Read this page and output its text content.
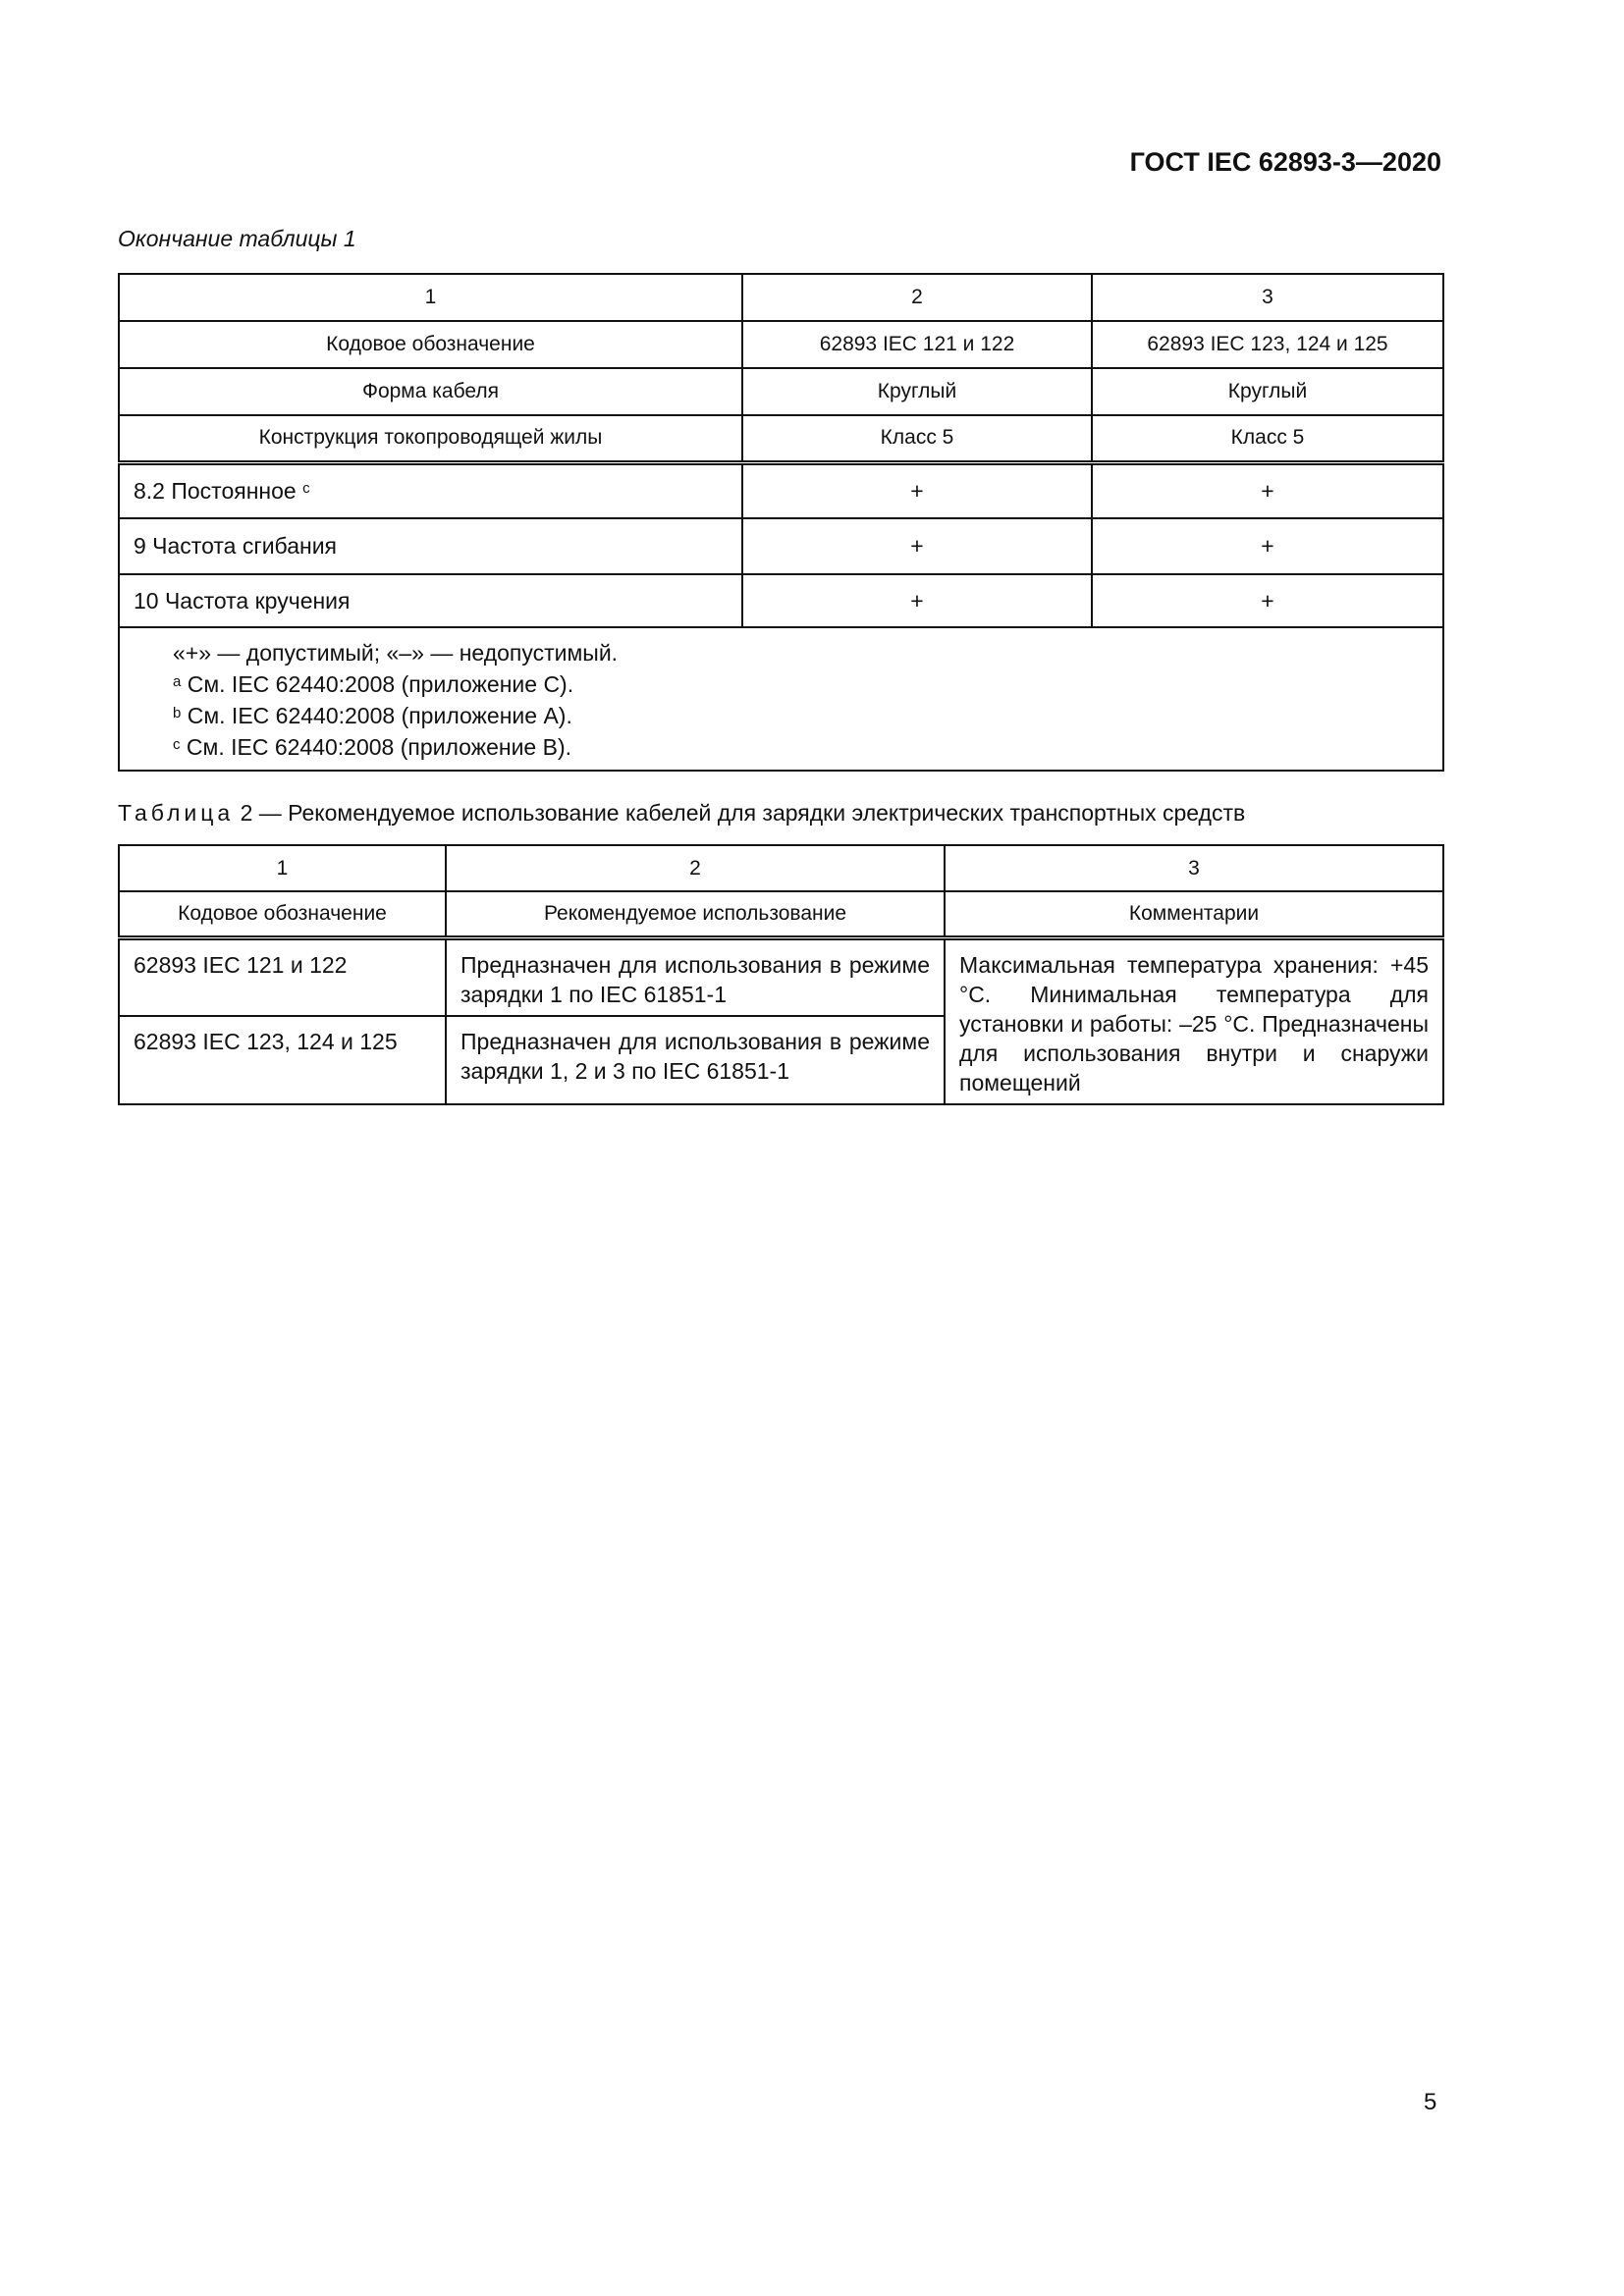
ГОСТ IEC 62893-3—2020
Окончание таблицы 1
1	2	3
Кодовое обозначение	62893 IEC 121 и 122	62893 IEC 123, 124 и 125
Форма кабеля	Круглый	Круглый
Конструкция токопроводящей жилы	Класс 5	Класс 5
8.2 Постоянное $^c$	+	+
9 Частота сгибания	+	+
10 Частота кручения	+	+

«+» — допустимый; «–» — недопустимый.
$^a$ См. IEC 62440:2008 (приложение С).
$^b$ См. IEC 62440:2008 (приложение А).
$^c$ См. IEC 62440:2008 (приложение В).		
Таблица 2 — Рекомендуемое использование кабелей для зарядки электрических транспортных средств
1	2	3
Кодовое обозначение	Рекомендуемое использование	Комментарии
62893 IEC 121 и 122	Предназначен для использования в режиме зарядки 1 по IEC 61851-1	Максимальная температура хранения: +45 °C. Минимальная температура для установки и работы: –25 °C. Предназначены для использования внутри и снаружи помещений
62893 IEC 123, 124 и 125	Предназначен для использования в режиме зарядки 1, 2 и 3 по IEC 61851-1	
5
